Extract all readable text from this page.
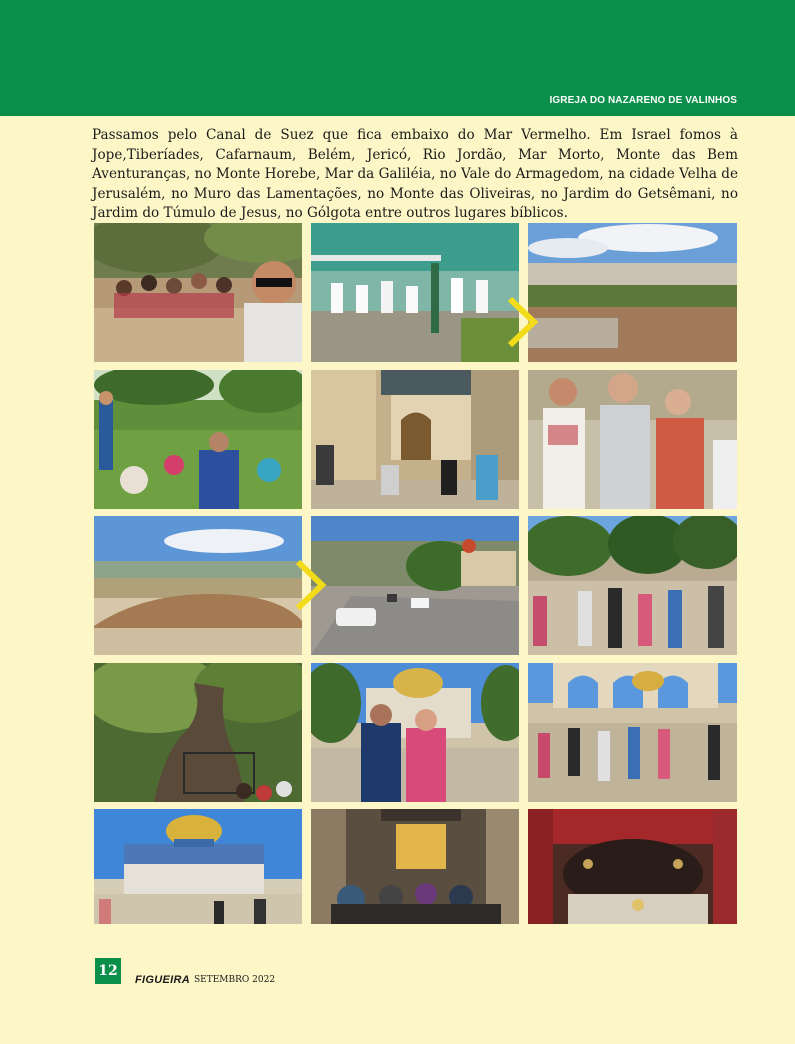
IGREJA DO NAZARENO DE VALINHOS

Passamos pelo Canal de Suez que fica embaixo do Mar Vermelho. Em Israel fomos à Jope,Tiberíades, Cafarnaum, Belém, Jericó, Rio Jordão, Mar Morto, Monte das Bem Aventuranças, no Monte Horebe, Mar da Galiléia, no Vale do Armagedom, na cidade Velha de Jerusalém, no Muro das Lamentações, no Monte das Oliveiras, no Jardim do Getsêmani, no Jardim do Túmulo de Jesus, no Gólgota entre outros lugares bíblicos.

12
FIGUEIRA SETEMBRO 2022
